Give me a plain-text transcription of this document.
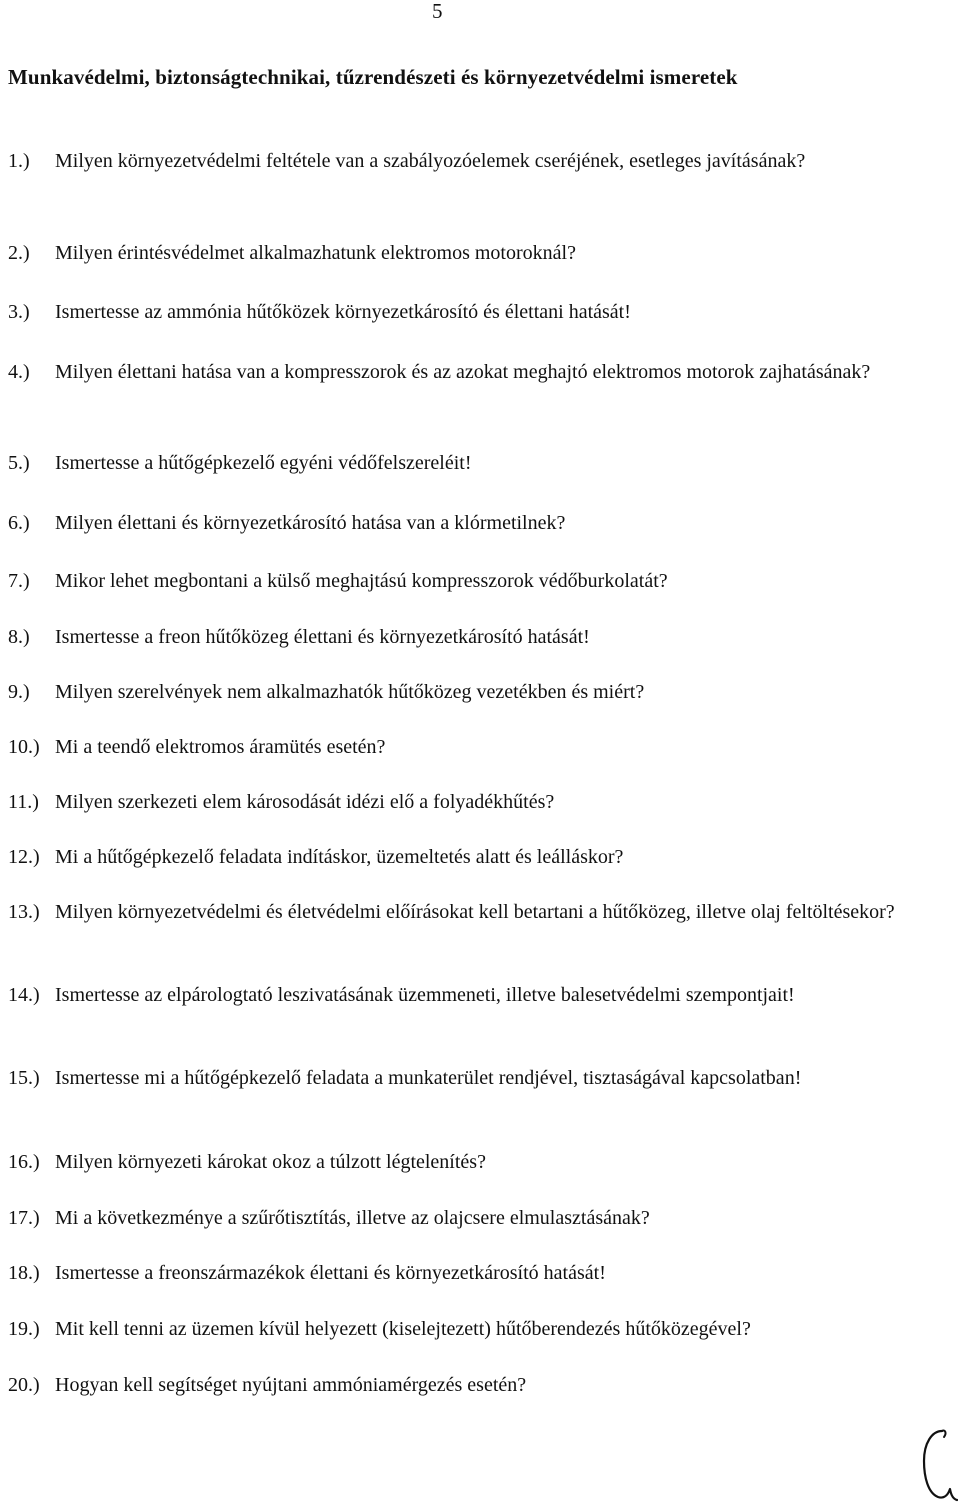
5
Munkavédelmi, biztonságtechnikai, tűzrendészeti és környezetvédelmi ismeretek
1.) Milyen környezetvédelmi feltétele van a szabályozóelemek cseréjének, esetleges javításának?
2.) Milyen érintésvédelmet alkalmazhatunk elektromos motoroknál?
3.) Ismertesse az ammónia hűtőközek környezetkárosító és élettani hatását!
4.) Milyen élettani hatása van a kompresszorok és az azokat meghajtó elektromos motorok zajhatásának?
5.) Ismertesse a hűtőgépkezelő egyéni védőfelszereléit!
6.) Milyen élettani és környezetkárosító hatása van a klórmetilnek?
7.) Mikor lehet megbontani a külső meghajtású kompresszorok védőburkolatát?
8.) Ismertesse a freon hűtőközeg élettani és környezetkárosító hatását!
9.) Milyen szerelvények nem alkalmazhatók hűtőközeg vezetékben és miért?
10.) Mi a teendő elektromos áramütés esetén?
11.) Milyen szerkezeti elem károsodását idézi elő a folyadékhűtés?
12.) Mi a hűtőgépkezelő feladata indításkor, üzemeltetés alatt és leálláskor?
13.) Milyen környezetvédelmi és életvédelmi előírásokat kell betartani a hűtőközeg, illetve olaj feltöltésekor?
14.) Ismertesse az elpárologtató leszivatásának üzemmeneti, illetve balesetvédelmi szempontjait!
15.) Ismertesse mi a hűtőgépkezelő feladata a munkaterület rendjével, tisztaságával kapcsolatban!
16.) Milyen környezeti károkat okoz a túlzott légtelenítés?
17.) Mi a következménye a szűrőtisztítás, illetve az olajcsere elmulasztásának?
18.) Ismertesse a freonszármazékok élettani és környezetkárosító hatását!
19.) Mit kell tenni az üzemen kívül helyezett (kiselejtezett) hűtőberendezés hűtőközegével?
20.) Hogyan kell segítséget nyújtani ammóniamérgezés esetén?
